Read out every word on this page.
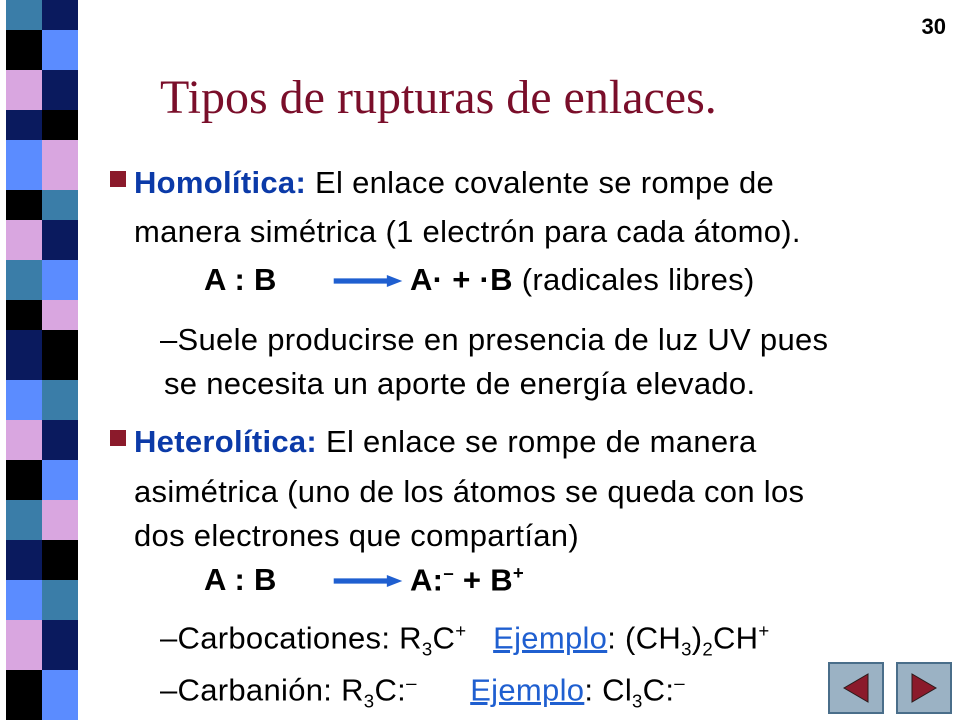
30
Tipos de rupturas de enlaces.
Homolítica: El enlace covalente se rompe de
manera simétrica (1 electrón para cada átomo).
A : B	A· + ·B (radicales libres)
–Suele producirse en presencia de luz UV pues
se necesita un aporte de energía elevado.
Heterolítica: El enlace se rompe de manera
asimétrica (uno de los átomos se queda con los
dos electrones que compartían)
A : B	A:– + B+
–Carbocationes: $R_3C^+$ Ejemplo: $(CH_3)_2CH^+$
–Carbanión: $R_3C:^-$ Ejemplo: $Cl_3C:^-$
